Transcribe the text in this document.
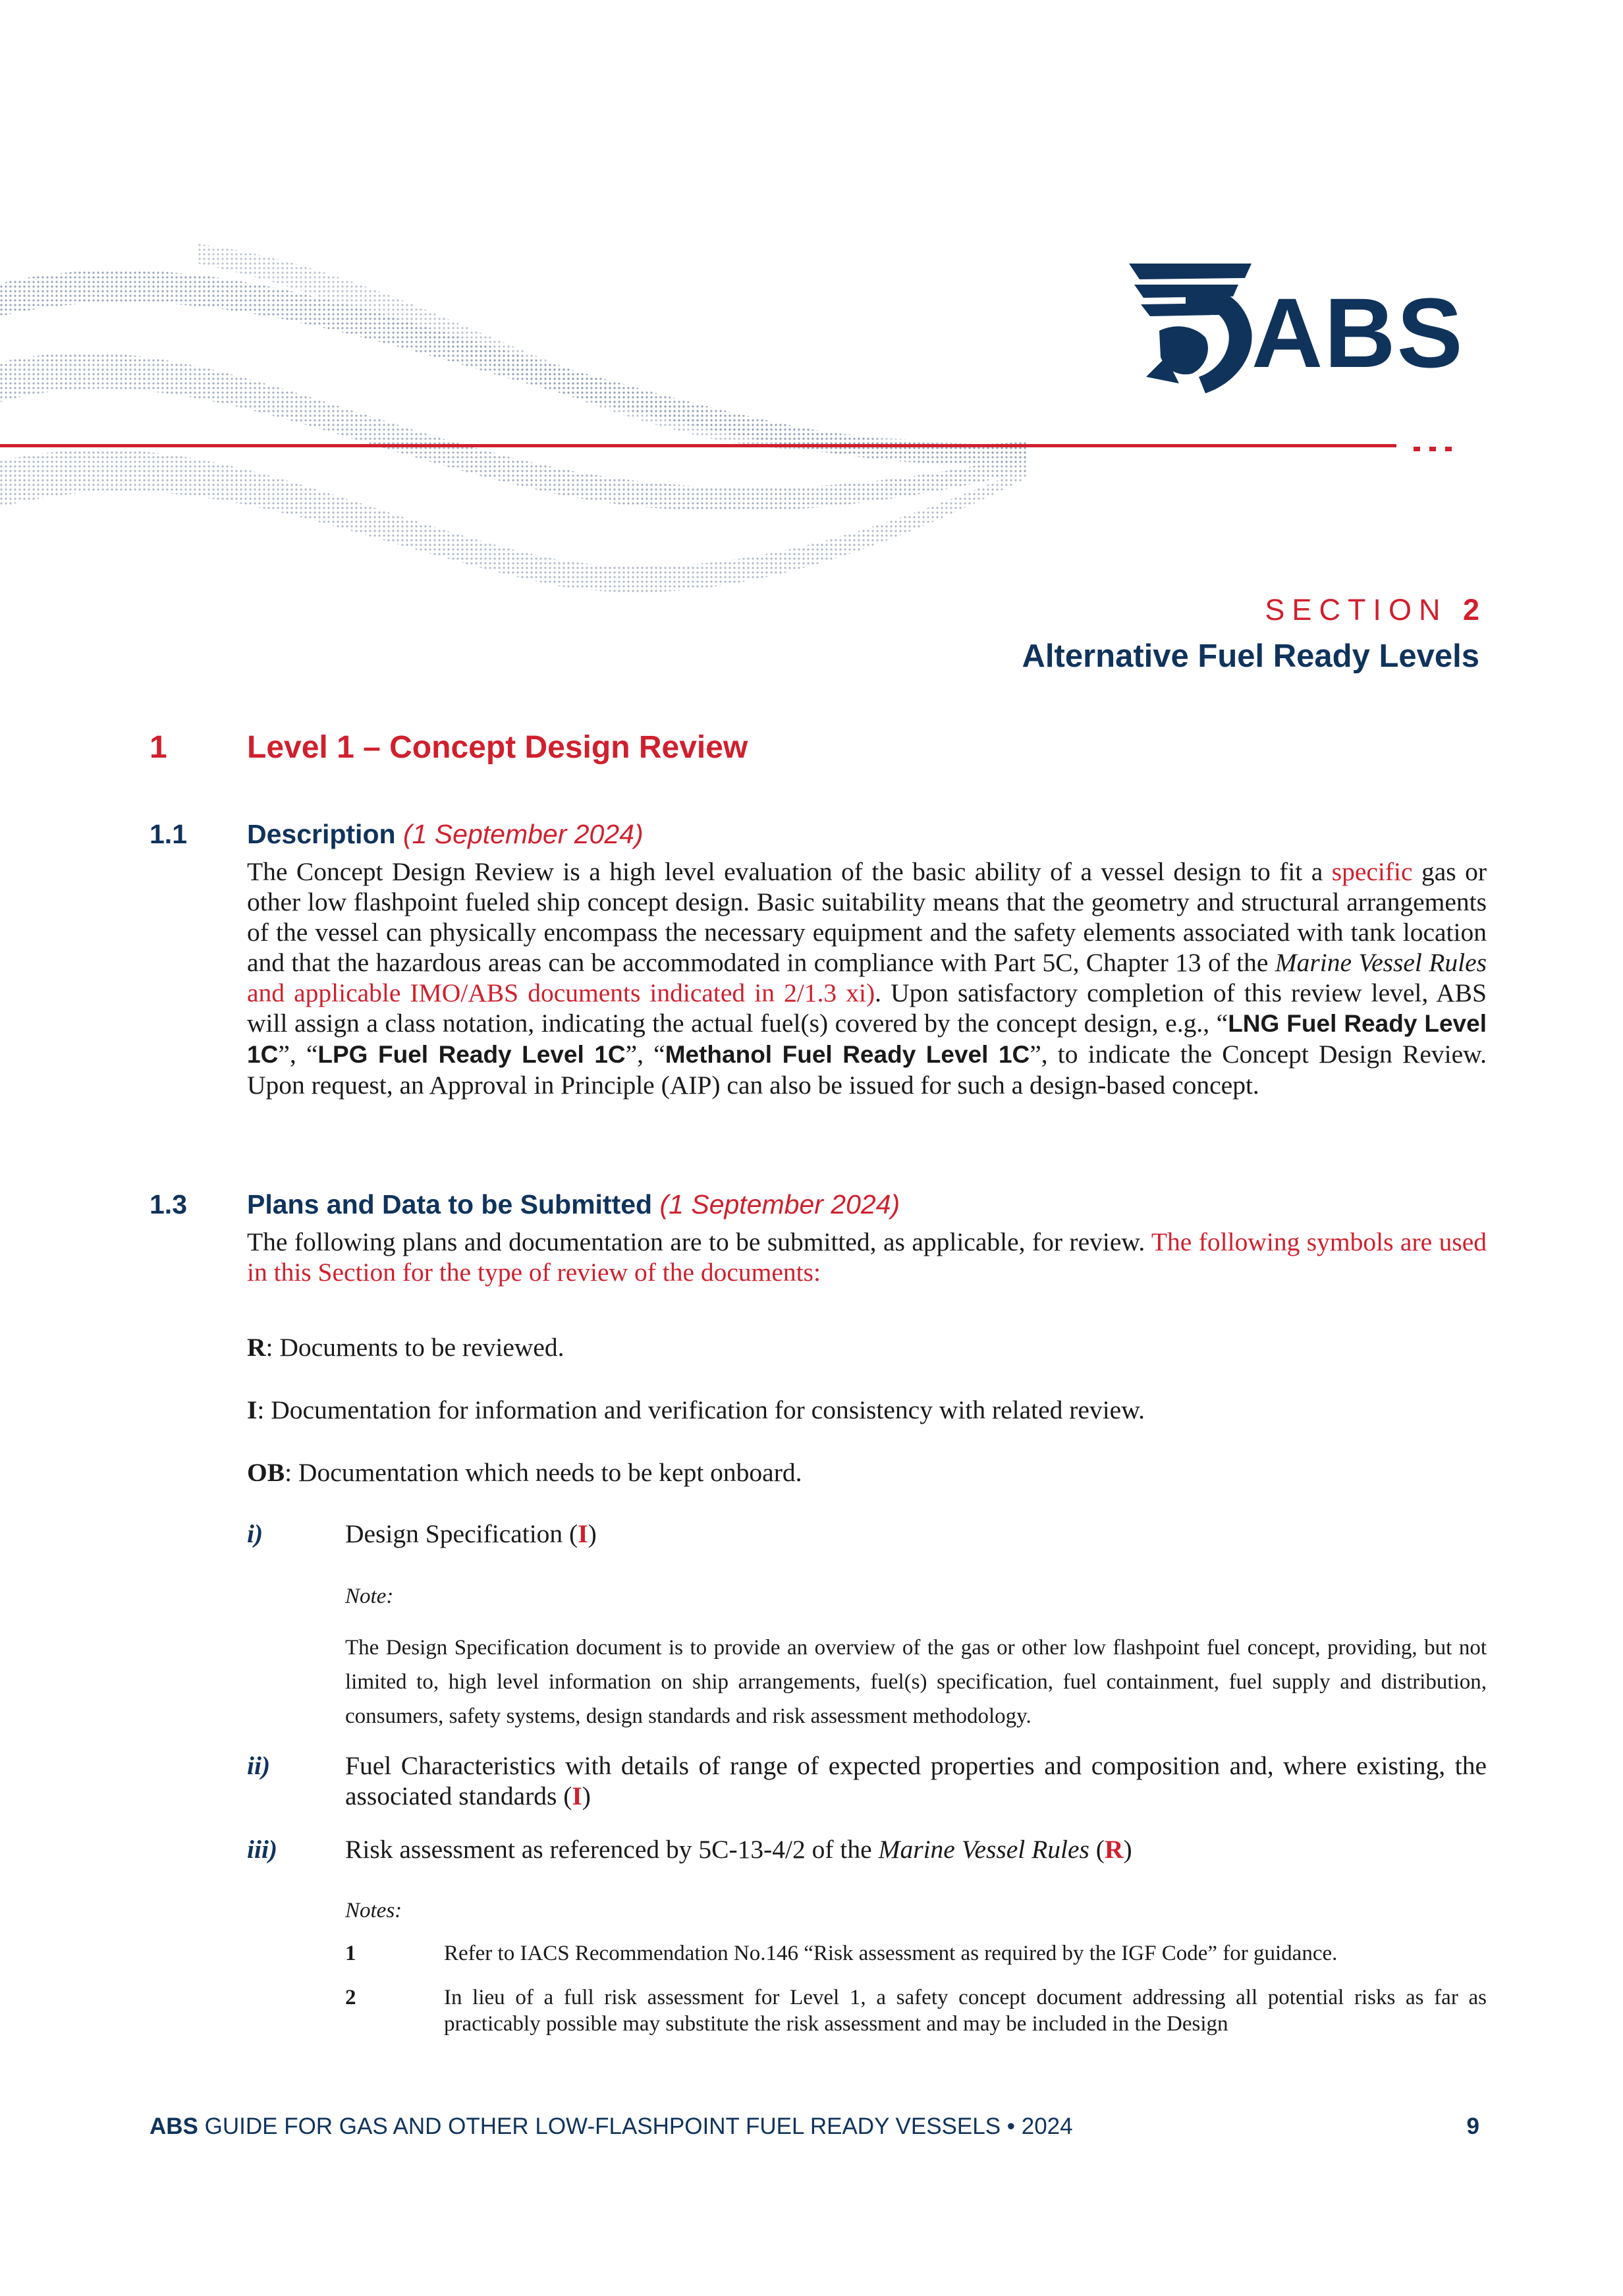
ABS
SECTION 2
Alternative Fuel Ready Levels
1	Level 1 – Concept Design Review
1.1 Description (1 September 2024)
The Concept Design Review is a high level evaluation of the basic ability of a vessel design to fit a specific gas or other low flashpoint fueled ship concept design. Basic suitability means that the geometry and structural arrangements of the vessel can physically encompass the necessary equipment and the safety elements associated with tank location and that the hazardous areas can be accommodated in compliance with Part 5C, Chapter 13 of the Marine Vessel Rules and applicable IMO/ABS documents indicated in 2/1.3 xi). Upon satisfactory completion of this review level, ABS will assign a class notation, indicating the actual fuel(s) covered by the concept design, e.g., “LNG Fuel Ready Level 1C”, “LPG Fuel Ready Level 1C”, “Methanol Fuel Ready Level 1C”, to indicate the Concept Design Review. Upon request, an Approval in Principle (AIP) can also be issued for such a design-based concept.
1.3 Plans and Data to be Submitted (1 September 2024)
The following plans and documentation are to be submitted, as applicable, for review. The following symbols are used in this Section for the type of review of the documents:
R: Documents to be reviewed.
I: Documentation for information and verification for consistency with related review.
OB: Documentation which needs to be kept onboard.
i)	Design Specification (I)
Note:
The Design Specification document is to provide an overview of the gas or other low flashpoint fuel concept, providing, but not limited to, high level information on ship arrangements, fuel(s) specification, fuel containment, fuel supply and distribution, consumers, safety systems, design standards and risk assessment methodology.
ii)	Fuel Characteristics with details of range of expected properties and composition and, where existing, the associated standards (I)
iii)	Risk assessment as referenced by 5C-13-4/2 of the Marine Vessel Rules (R)
Notes:
1	Refer to IACS Recommendation No.146 “Risk assessment as required by the IGF Code” for guidance.
2	In lieu of a full risk assessment for Level 1, a safety concept document addressing all potential risks as far as practicably possible may substitute the risk assessment and may be included in the Design
ABS GUIDE FOR GAS AND OTHER LOW-FLASHPOINT FUEL READY VESSELS • 2024	9
